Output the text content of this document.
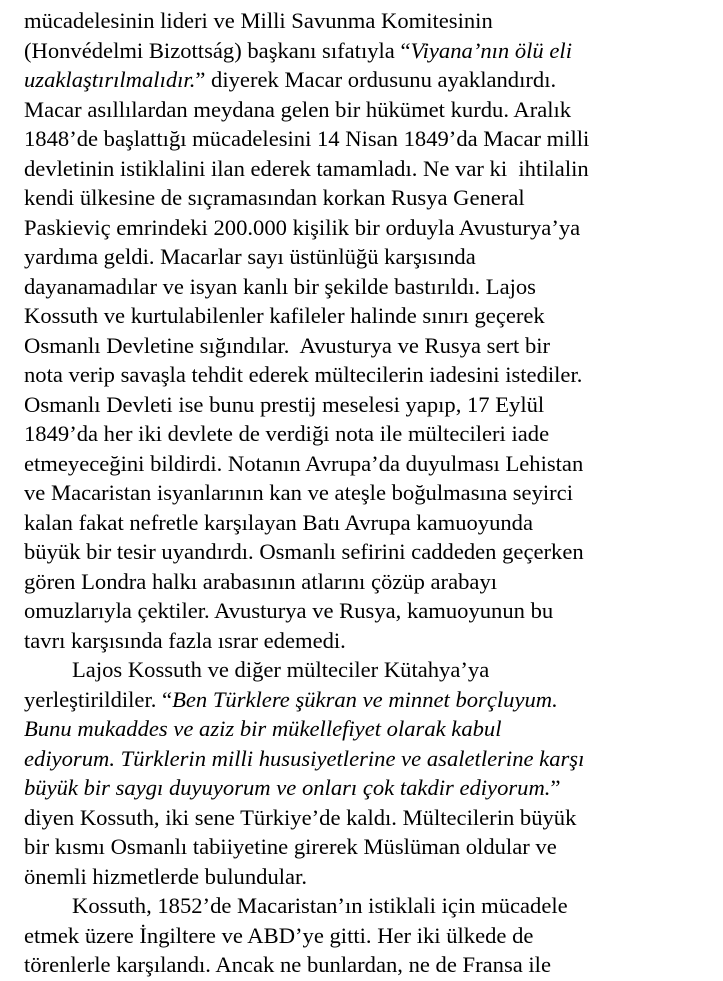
mücadelesinin lideri ve Milli Savunma Komitesinin
(Honvédelmi Bizottság) başkanı sıfatıyla “Viyana’nın ölü eli
uzaklaştırılmalıdır.” diyerek Macar ordusunu ayaklandırdı.
Macar asıllılardan meydana gelen bir hükümet kurdu. Aralık
1848’de başlattığı mücadelesini 14 Nisan 1849’da Macar milli
devletinin istiklalini ilan ederek tamamladı. Ne var ki  ihtilalin
kendi ülkesine de sıçramasından korkan Rusya General
Paskieviç emrindeki 200.000 kişilik bir orduyla Avusturya’ya
yardıma geldi. Macarlar sayı üstünlüğü karşısında
dayanamadılar ve isyan kanlı bir şekilde bastırıldı. Lajos
Kossuth ve kurtulabilenler kafileler halinde sınırı geçerek
Osmanlı Devletine sığındılar.  Avusturya ve Rusya sert bir
nota verip savaşla tehdit ederek mültecilerin iadesini istediler.
Osmanlı Devleti ise bunu prestij meselesi yapıp, 17 Eylül
1849’da her iki devlete de verdiği nota ile mültecileri iade
etmeyeceğini bildirdi. Notanın Avrupa’da duyulması Lehistan
ve Macaristan isyanlarının kan ve ateşle boğulmasına seyirci
kalan fakat nefretle karşılayan Batı Avrupa kamuoyunda
büyük bir tesir uyandırdı. Osmanlı sefirini caddeden geçerken
gören Londra halkı arabasının atlarını çözüp arabayı
omuzlarıyla çektiler. Avusturya ve Rusya, kamuoyunun bu
tavrı karşısında fazla ısrar edemedi.
Lajos Kossuth ve diğer mülteciler Kütahya’ya
yerleştirildiler. “Ben Türklere şükran ve minnet borçluyum.
Bunu mukaddes ve aziz bir mükellefiyet olarak kabul
ediyorum. Türklerin milli hususiyetlerine ve asaletlerine karşı
büyük bir saygı duyuyorum ve onları çok takdir ediyorum.”
diyen Kossuth, iki sene Türkiye’de kaldı. Mültecilerin büyük
bir kısmı Osmanlı tabiiyetine girerek Müslüman oldular ve
önemli hizmetlerde bulundular.
Kossuth, 1852’de Macaristan’ın istiklali için mücadele
etmek üzere İngiltere ve ABD’ye gitti. Her iki ülkede de
törenlerle karşılandı. Ancak ne bunlardan, ne de Fransa ile
